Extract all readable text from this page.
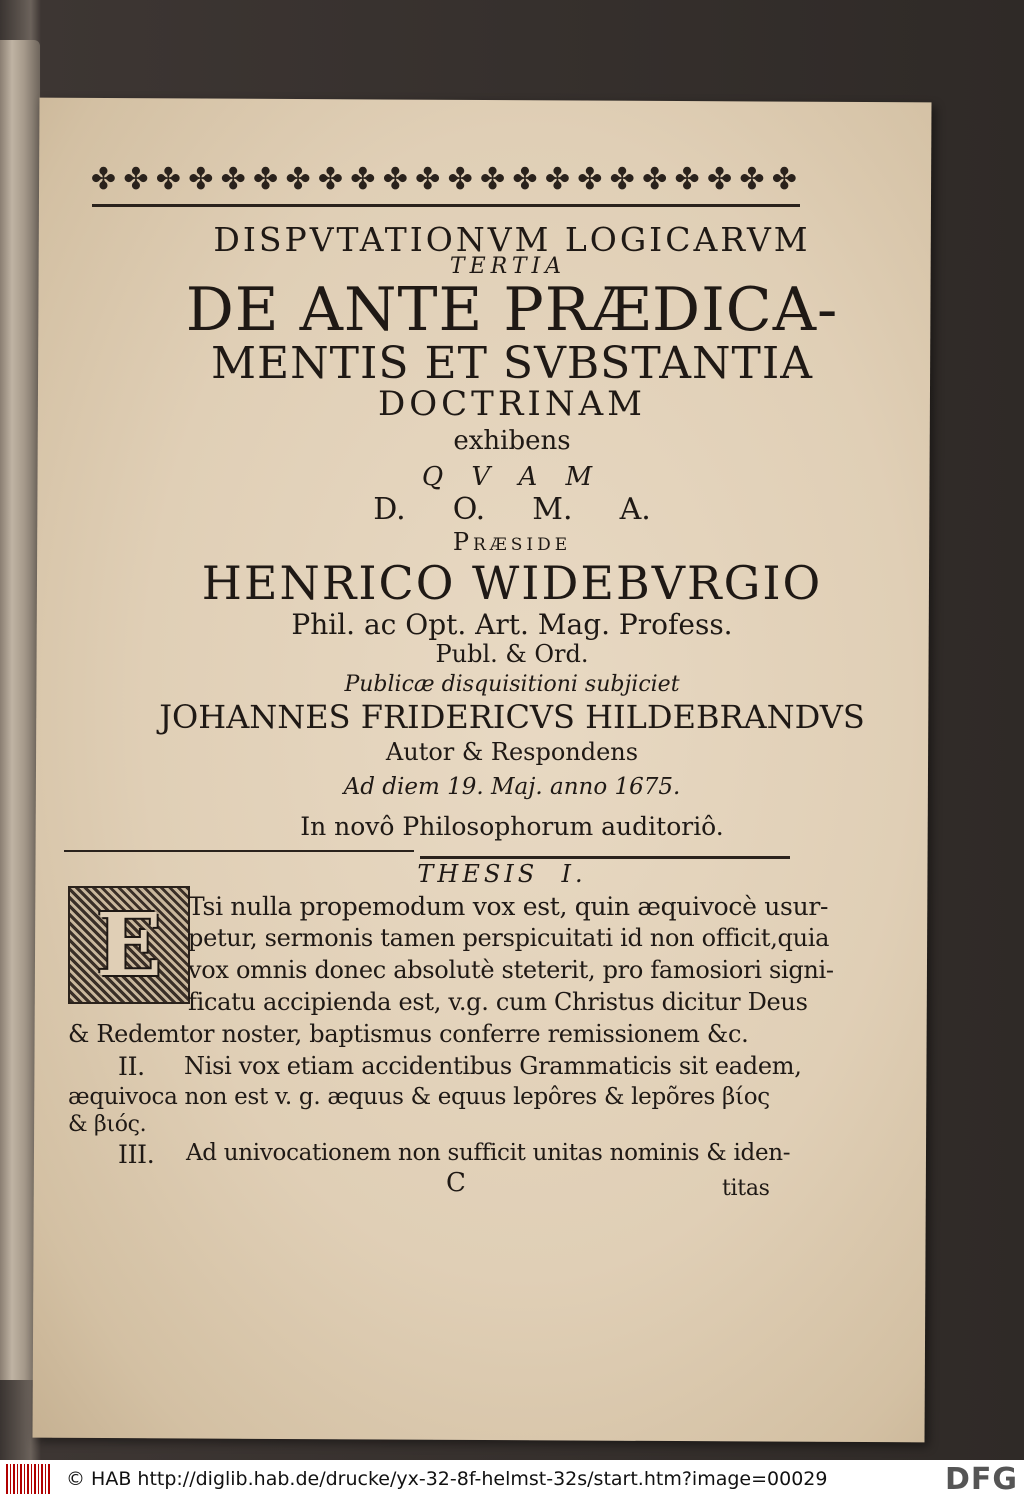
✤ ✤ ✤ ✤ ✤ ✤ ✤ ✤ ✤ ✤ ✤ ✤ ✤ ✤ ✤ ✤ ✤ ✤ ✤ ✤ ✤ ✤
DISPVTATIONVM LOGICARVM
TERTIA
DE ANTE PRÆDICA-
MENTIS ET SVBSTANTIA
DOCTRINAM
exhibens
Q V A M
D.  O.  M.  A.
Præside
HENRICO WIDEBVRGIO
Phil. ac Opt. Art. Mag. Profess.
Publ. & Ord.
Publicæ disquisitioni subjiciet
JOHANNES FRIDERICVS HILDEBRANDVS
Autor & Respondens
Ad diem 19. Maj. anno 1675.
In novô Philosophorum auditoriô.
THESIS  I.
E Tsi nulla propemodum vox est, quin æquivocè usur-
petur, sermonis tamen perspicuitati id non officit,quia
vox omnis donec absolutè steterit, pro famosiori signi-
ficatu accipienda est, v.g. cum Christus dicitur Deus
& Redemtor noster, baptismus conferre remissionem &c.
II. Nisi vox etiam accidentibus Grammaticis sit eadem,
æquivoca non est v. g. æquus & equus lepôres & lepõres βίος
& βιός.
III. Ad univocationem non sufficit unitas nominis & iden-
C	titas
© HAB http://diglib.hab.de/drucke/yx-32-8f-helmst-32s/start.htm?image=00029	DFG
